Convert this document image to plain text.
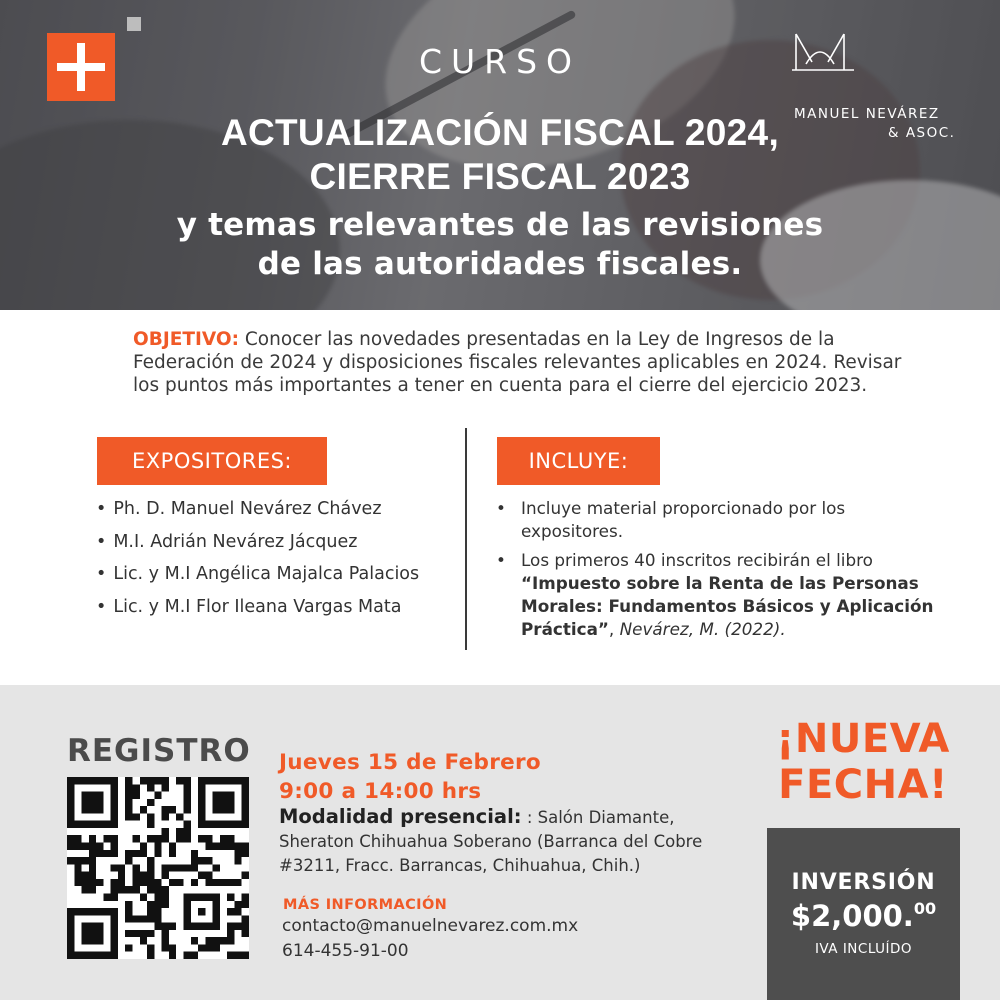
CURSO
MANUEL NEVÁREZ
& ASOC.
ACTUALIZACIÓN FISCAL 2024,
CIERRE FISCAL 2023
y temas relevantes de las revisiones
de las autoridades fiscales.

OBJETIVO: Conocer las novedades presentadas en la Ley de Ingresos de la Federación de 2024 y disposiciones fiscales relevantes aplicables en 2024. Revisar los puntos más importantes a tener en cuenta para el cierre del ejercicio 2023.

EXPOSITORES:
• Ph. D. Manuel Nevárez Chávez
• M.I. Adrián Nevárez Jácquez
• Lic. y M.I Angélica Majalca Palacios
• Lic. y M.I Flor Ileana Vargas Mata
INCLUYE:
• Incluye material proporcionado por los expositores.
• Los primeros 40 inscritos recibirán el libro “Impuesto sobre la Renta de las Personas Morales: Fundamentos Básicos y Aplicación Práctica”, Nevárez, M. (2022).
REGISTRO Jueves 15 de Febrero
9:00 a 14:00 hrs
Modalidad presencial: : Salón Diamante, Sheraton Chihuahua Soberano (Barranca del Cobre #3211, Fracc. Barrancas, Chihuahua, Chih.)
MÁS INFORMACIÓN
contacto@manuelnevarez.com.mx
614-455-91-00
¡NUEVA
FECHA!
INVERSIÓN
$2,000.00
IVA INCLUÍDO
